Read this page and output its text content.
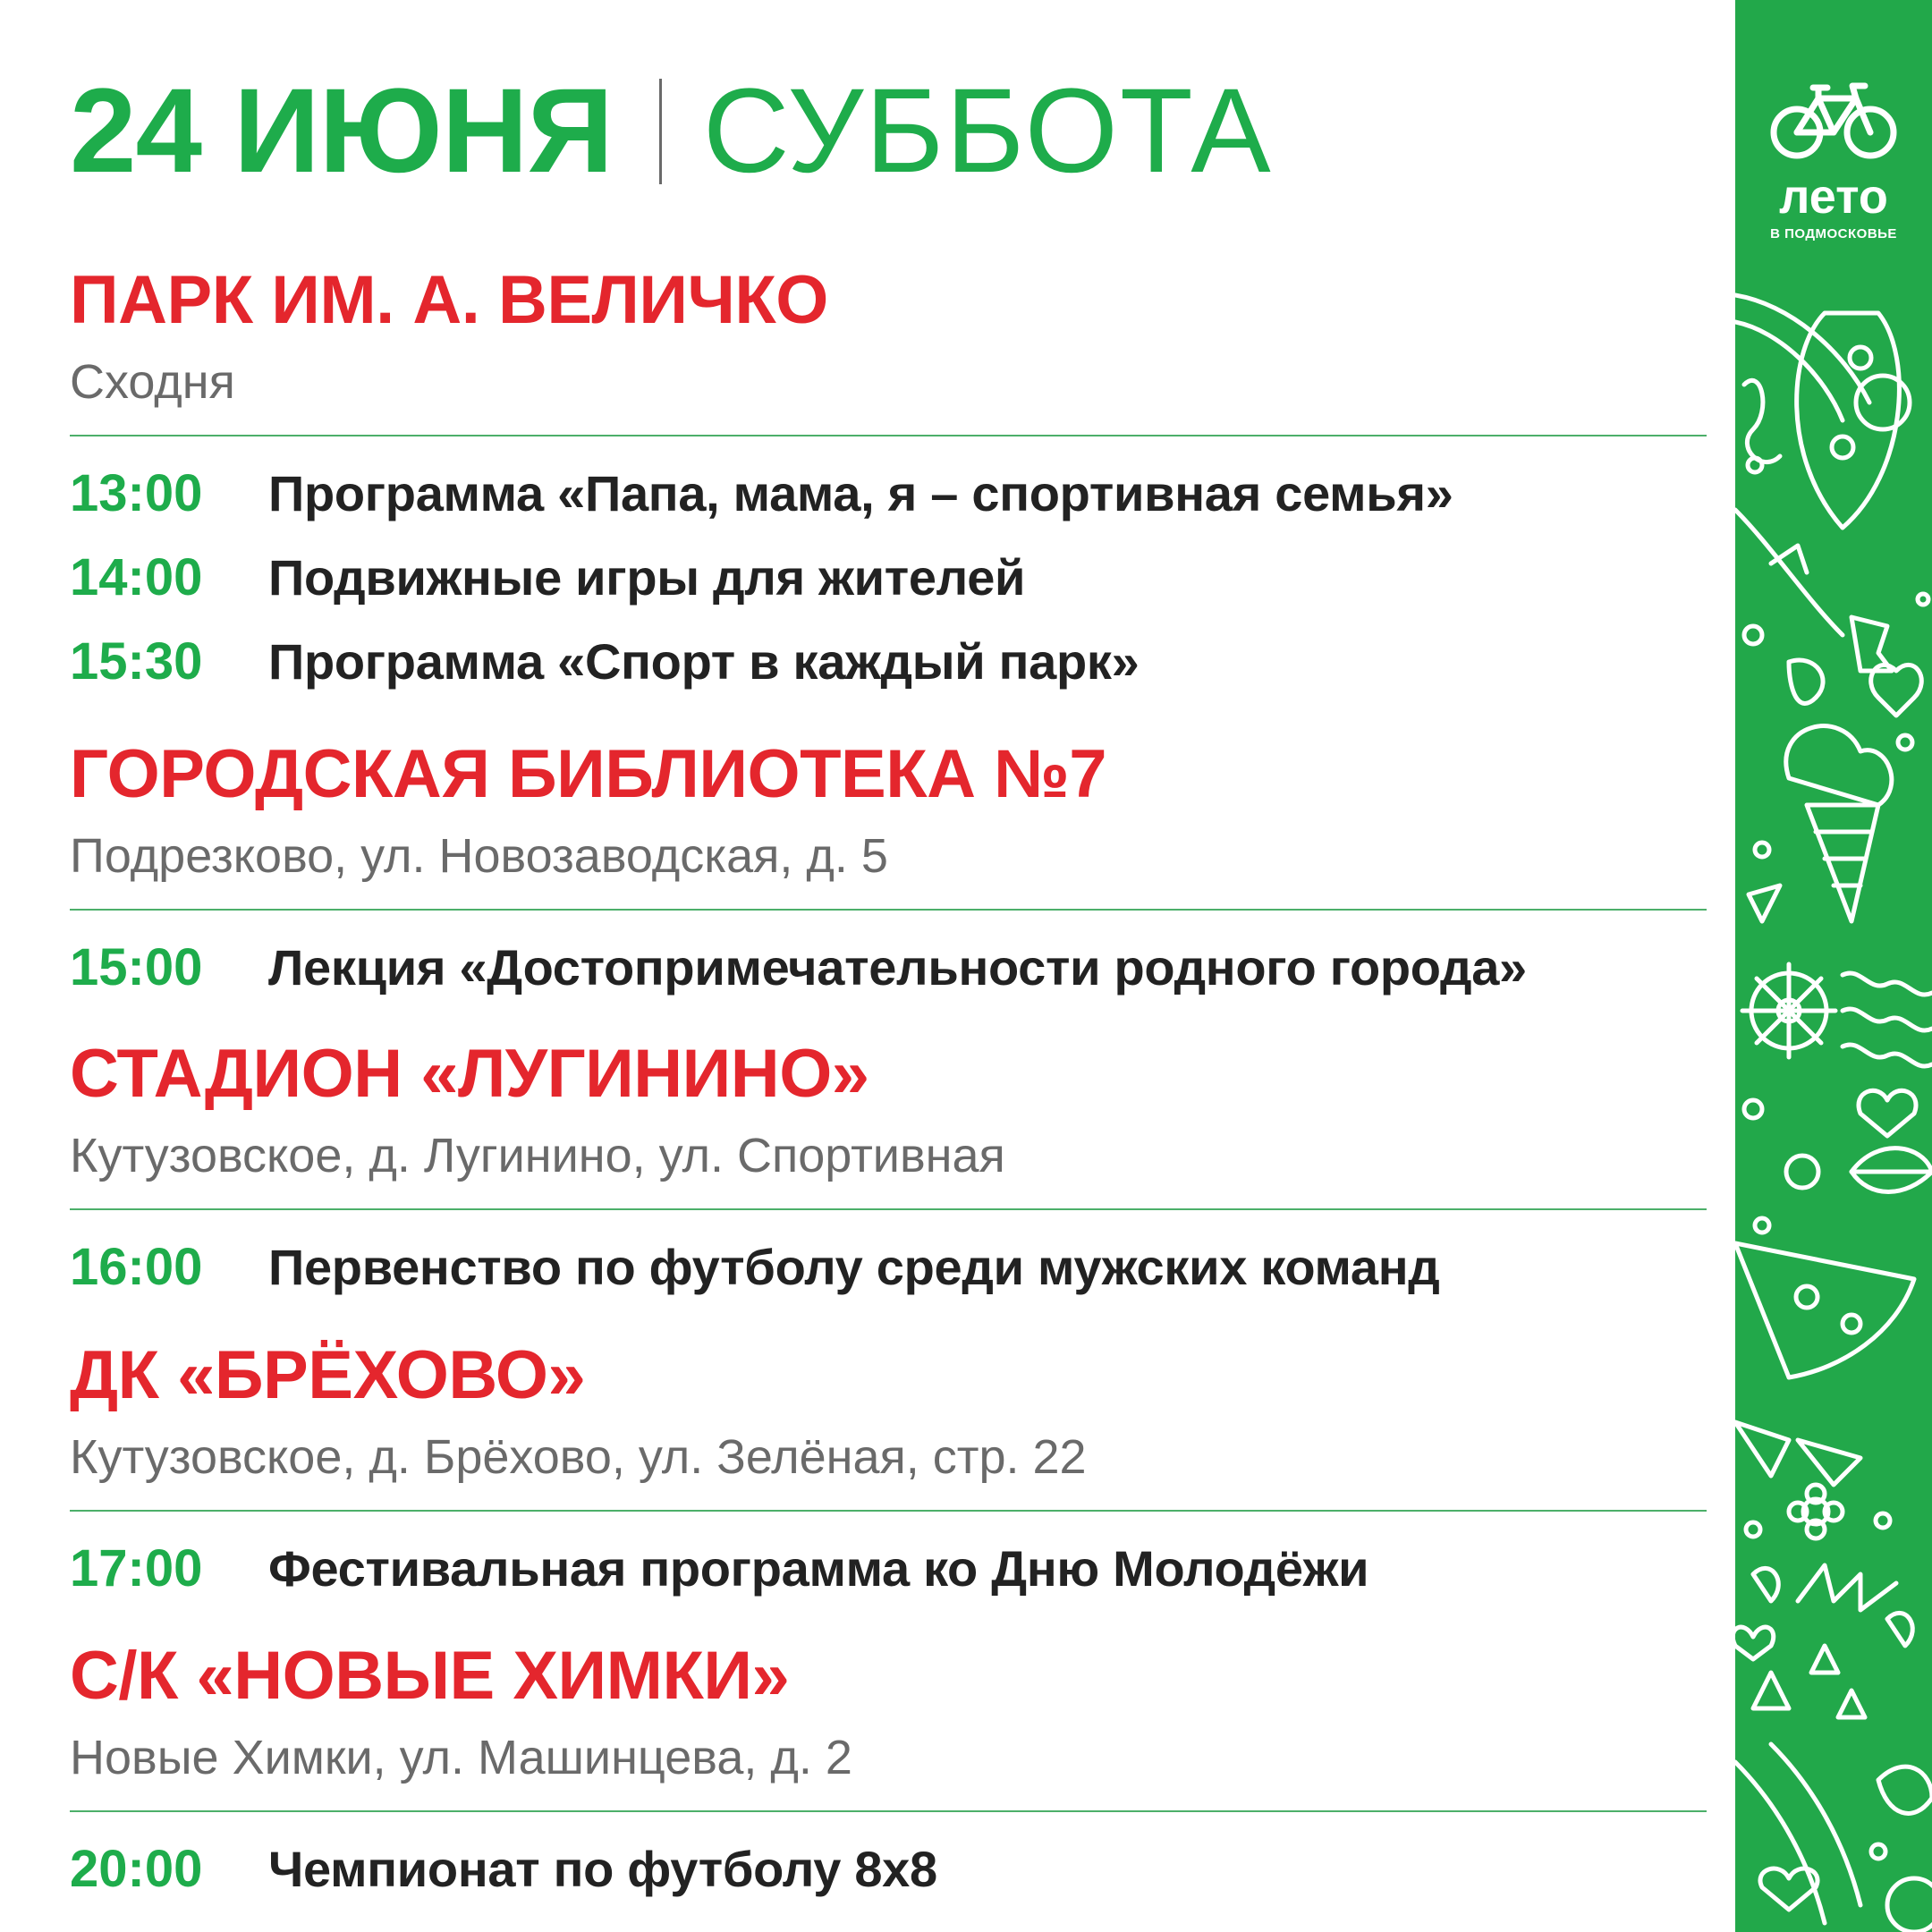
24 ИЮНЯ СУББОТА
ПАРК ИМ. А. ВЕЛИЧКО
Сходня
13:00	Программа «Папа, мама, я – спортивная семья»
14:00	Подвижные игры для жителей
15:30	Программа «Спорт в каждый парк»
ГОРОДСКАЯ БИБЛИОТЕКА №7
Подрезково, ул. Новозаводская, д. 5
15:00	Лекция «Достопримечательности родного города»
СТАДИОН «ЛУГИНИНО»
Кутузовское, д. Лугинино, ул. Спортивная
16:00	Первенство по футболу среди мужских команд
ДК «БРЁХОВО»
Кутузовское, д. Брёхово, ул. Зелёная, стр. 22
17:00	Фестивальная программа ко Дню Молодёжи
С/К «НОВЫЕ ХИМКИ»
Новые Химки, ул. Машинцева, д. 2
20:00	Чемпионат по футболу 8x8
лето
В ПОДМОСКОВЬЕ
